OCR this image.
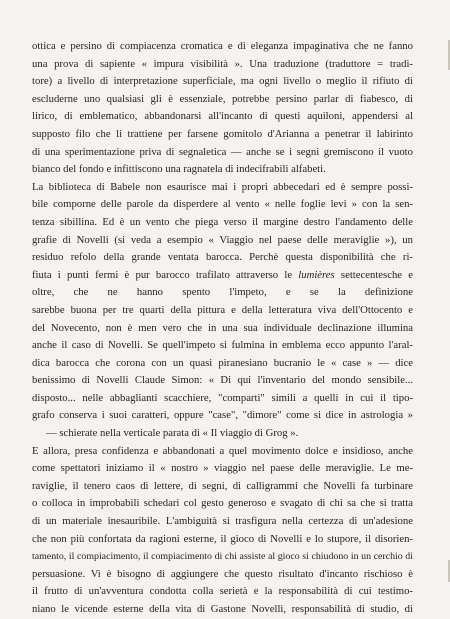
ottica e persino di compiacenza cromatica e di eleganza impaginativa che ne fanno
una prova di sapiente « impura visibilità ». Una traduzione (traduttore = tradi-
tore) a livello di interpretazione superficiale, ma ogni livello o meglio il rifiuto di
escluderne uno qualsiasi gli è essenziale, potrebbe persino parlar di fiabesco, di
lirico, di emblematico, abbandonarsi all'incanto di questi aquiloni, appendersi al
supposto filo che li trattiene per farsene gomitolo d'Arianna a penetrar il labirinto
di una sperimentazione priva di segnaletica — anche se i segni gremiscono il vuoto
bianco del fondo e infittiscono una ragnatela di indecifrabili alfabeti.
La biblioteca di Babele non esaurisce mai i propri abbecedari ed è sempre possi-
bile comporne delle parole da disperdere al vento « nelle foglie levi » con la sen-
tenza sibillina. Ed è un vento che piega verso il margine destro l'andamento delle
grafie di Novelli (si veda a esempio « Viaggio nel paese delle meraviglie »), un
residuo refolo della grande ventata barocca. Perchè questa disponibilità che ri-
fiuta i punti fermi è pur barocco trafilato attraverso le lumières settecentesche e
oltre, che ne hanno spento l'impeto, e se la definizione
sarebbe buona per tre quarti della pittura e della letteratura viva dell'Ottocento e
del Novecento, non è men vero che in una sua individuale declinazione illumina
anche il caso di Novelli. Se quell'impeto si fulmina in emblema ecco appunto l'aral-
dica barocca che corona con un quasi piranesiano bucranio le « case » — dice
benissimo di Novelli Claude Simon: « Di qui l'inventario del mondo sensibile...
disposto... nelle abbaglianti scacchiere, "comparti" simili a quelli in cui il tipo-
grafo conserva i suoi caratteri, oppure "case", "dimore" come si dice in astrologia »
— schierate nella verticale parata di « Il viaggio di Grog ».
E allora, presa confidenza e abbandonati a quel movimento dolce e insidioso, anche
come spettatori iniziamo il « nostro » viaggio nel paese delle meraviglie. Le me-
raviglie, il tenero caos di lettere, di segni, di calligrammi che Novelli fa turbinare
o colloca in improbabili schedari col gesto generoso e svagato di chi sa che si tratta
di un materiale inesauribile. L'ambiguità si trasfigura nella certezza di un'adesione
che non più confortata da ragioni esterne, il gioco di Novelli e lo stupore, il disorien-
tamento, il compiacimento, il compiacimento di chi assiste al gioco si chiudono in un cerchio di
persuasione. Vi è bisogno di aggiungere che questo risultato d'incanto rischioso è
il frutto di un'avventura condotta colla serietà e la responsabilità di cui testimo-
niano le vicende esterne della vita di Gastone Novelli, responsabilità di studio, di
